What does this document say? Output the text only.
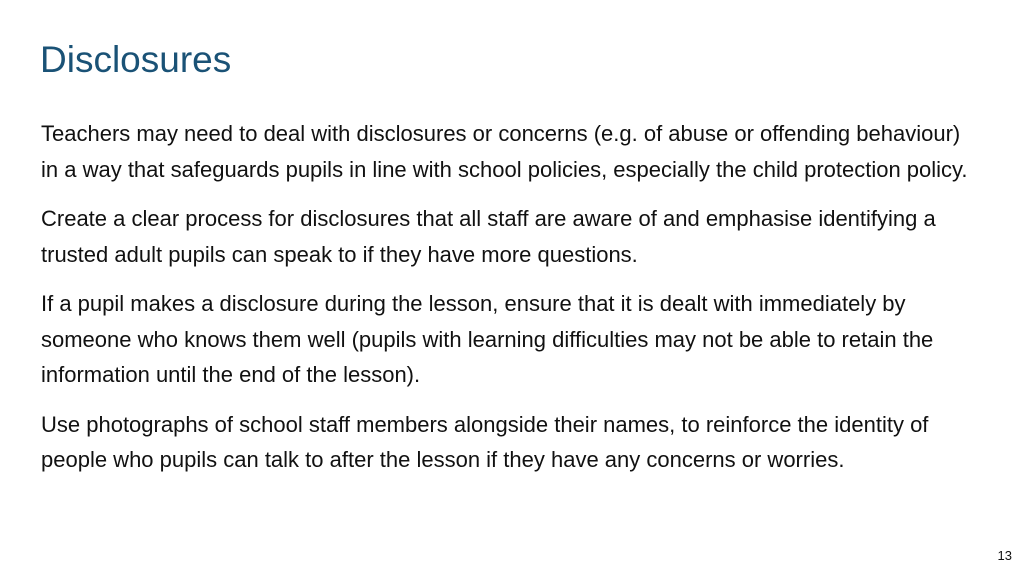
Disclosures

Teachers may need to deal with disclosures or concerns (e.g. of abuse or offending behaviour) in a way that safeguards pupils in line with school policies, especially the child protection policy.

Create a clear process for disclosures that all staff are aware of and emphasise identifying a trusted adult pupils can speak to if they have more questions.

If a pupil makes a disclosure during the lesson, ensure that it is dealt with immediately by someone who knows them well (pupils with learning difficulties may not be able to retain the information until the end of the lesson).

Use photographs of school staff members alongside their names, to reinforce the identity of people who pupils can talk to after the lesson if they have any concerns or worries.

13
